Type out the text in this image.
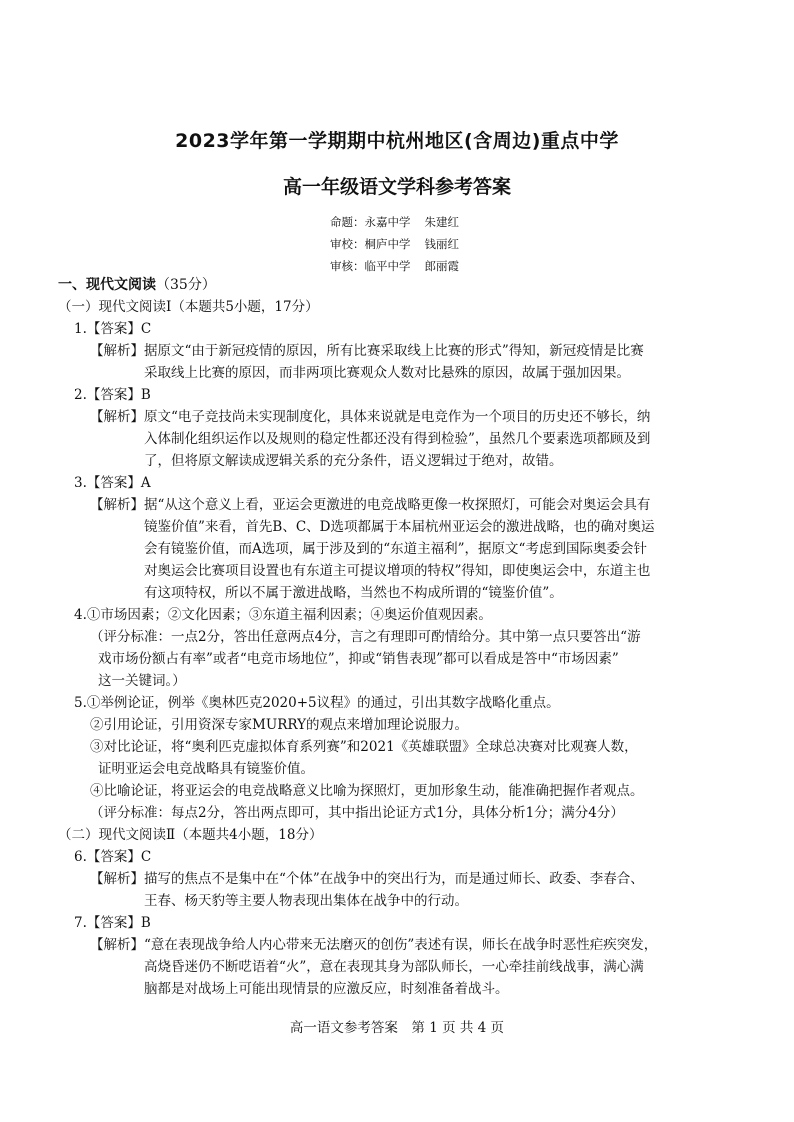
2023学年第一学期期中杭州地区(含周边)重点中学
高一年级语文学科参考答案
命题：永嘉中学 朱建红
审校：桐庐中学 钱丽红
审核：临平中学 郎丽霞
一、现代文阅读（35分）
（一）现代文阅读Ⅰ（本题共5小题，17分）
1.【答案】C
【解析】据原文“由于新冠疫情的原因，所有比赛采取线上比赛的形式”得知，新冠疫情是比赛
采取线上比赛的原因，而非两项比赛观众人数对比悬殊的原因，故属于强加因果。
2.【答案】B
【解析】原文“电子竞技尚未实现制度化，具体来说就是电竞作为一个项目的历史还不够长，纳
入体制化组织运作以及规则的稳定性都还没有得到检验”，虽然几个要素选项都顾及到
了，但将原文解读成逻辑关系的充分条件，语义逻辑过于绝对，故错。
3.【答案】A
【解析】据“从这个意义上看，亚运会更激进的电竞战略更像一枚探照灯，可能会对奥运会具有
镜鉴价值”来看，首先B、C、D选项都属于本届杭州亚运会的激进战略，也的确对奥运
会有镜鉴价值，而A选项，属于涉及到的“东道主福利”，据原文“考虑到国际奥委会针
对奥运会比赛项目设置也有东道主可提议增项的特权”得知，即使奥运会中，东道主也
有这项特权，所以不属于激进战略，当然也不构成所谓的“镜鉴价值”。
4.①市场因素；②文化因素；③东道主福利因素；④奥运价值观因素。
（评分标准：一点2分，答出任意两点4分，言之有理即可酌情给分。其中第一点只要答出“游
戏市场份额占有率”或者“电竞市场地位”，抑或“销售表现”都可以看成是答中“市场因素”
这一关键词。）
5.①举例论证，例举《奥林匹克2020+5议程》的通过，引出其数字战略化重点。
②引用论证，引用资深专家MURRY的观点来增加理论说服力。
③对比论证，将“奥利匹克虚拟体育系列赛”和2021《英雄联盟》全球总决赛对比观赛人数，
证明亚运会电竞战略具有镜鉴价值。
④比喻论证，将亚运会的电竞战略意义比喻为探照灯，更加形象生动，能准确把握作者观点。
（评分标准：每点2分，答出两点即可，其中指出论证方式1分，具体分析1分；满分4分）
（二）现代文阅读Ⅱ（本题共4小题，18分）
6.【答案】C
【解析】描写的焦点不是集中在“个体”在战争中的突出行为，而是通过师长、政委、李春合、
王春、杨天豹等主要人物表现出集体在战争中的行动。
7.【答案】B
【解析】“意在表现战争给人内心带来无法磨灭的创伤”表述有误，师长在战争时恶性疟疾突发，
高烧昏迷仍不断呓语着“火”，意在表现其身为部队师长，一心牵挂前线战事，满心满
脑都是对战场上可能出现情景的应激反应，时刻准备着战斗。
高一语文参考答案　第 1 页 共 4 页
